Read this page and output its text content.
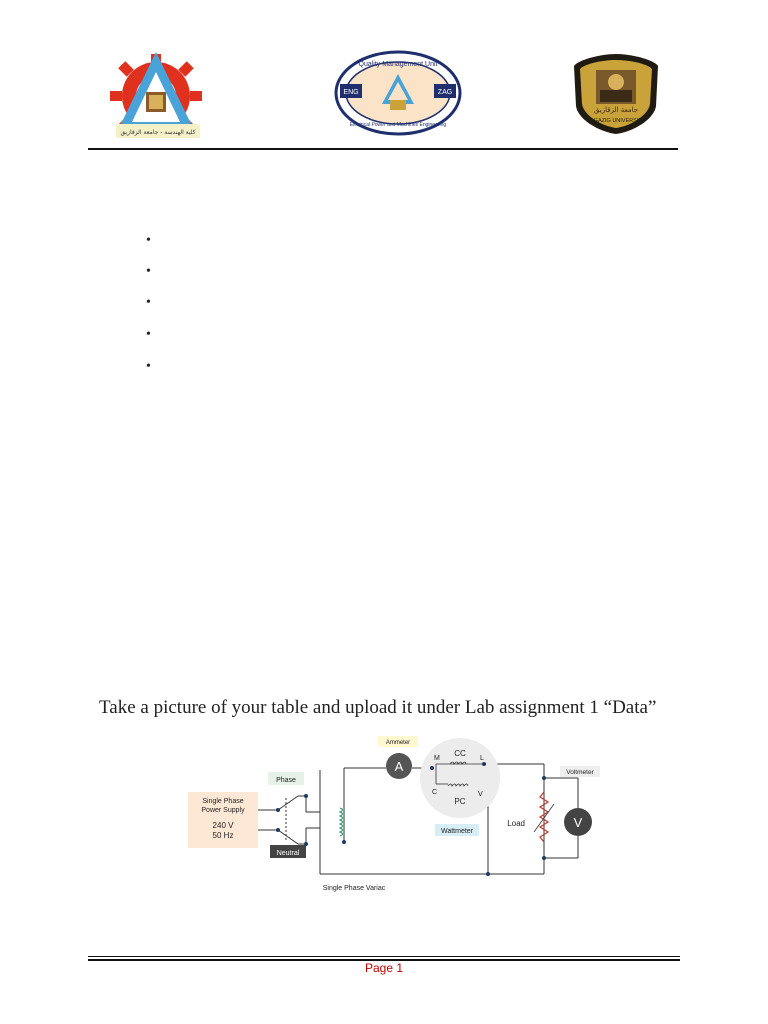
كلية الهندسة - جامعة الزقازيق
ENG	ZAG
Quality Management Unit
Electrical Power and Machines Engineering
جامعة الزقازيق
ZAGAZIG UNIVERSITY
•
•
•
•
•
Take a picture of your table and upload it under Lab assignment 1 “Data”
Single Phase
Power Supply
240 V
50 Hz
Phase
Neutral
Single Phase Variac
Ammeter
A
M
CC
L
C
PC
V
Wattmeter
Load
Voltmeter
V
Page 1
